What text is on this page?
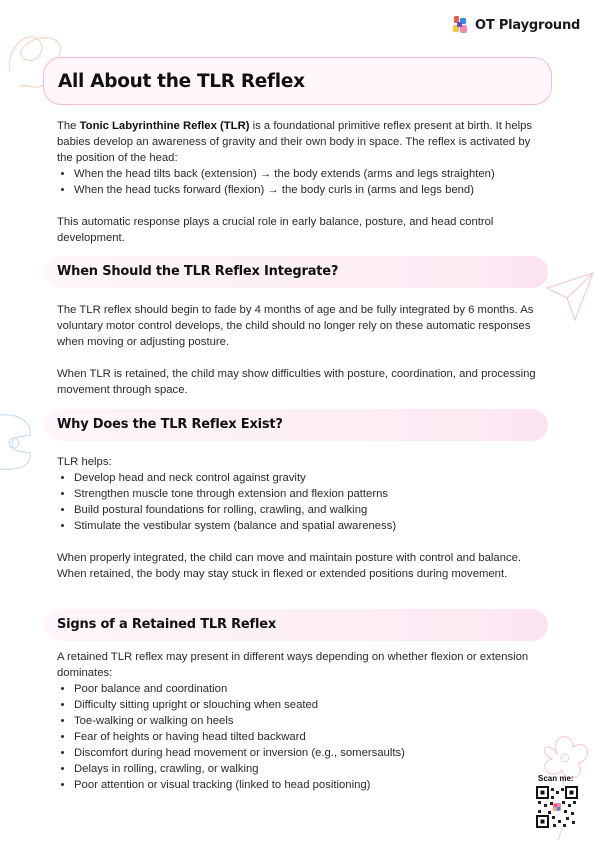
OT Playground
All About the TLR Reflex

The Tonic Labyrinthine Reflex (TLR) is a foundational primitive reflex present at birth. It helps babies develop an awareness of gravity and their own body in space. The reflex is activated by the position of the head:

• When the head tilts back (extension) → the body extends (arms and legs straighten)
• When the head tucks forward (flexion) → the body curls in (arms and legs bend)

This automatic response plays a crucial role in early balance, posture, and head control development.

When Should the TLR Reflex Integrate?

The TLR reflex should begin to fade by 4 months of age and be fully integrated by 6 months. As voluntary motor control develops, the child should no longer rely on these automatic responses when moving or adjusting posture.

When TLR is retained, the child may show difficulties with posture, coordination, and processing movement through space.

Why Does the TLR Reflex Exist?

TLR helps:

• Develop head and neck control against gravity
• Strengthen muscle tone through extension and flexion patterns
• Build postural foundations for rolling, crawling, and walking
• Stimulate the vestibular system (balance and spatial awareness)

When properly integrated, the child can move and maintain posture with control and balance. When retained, the body may stay stuck in flexed or extended positions during movement.

Signs of a Retained TLR Reflex

A retained TLR reflex may present in different ways depending on whether flexion or extension dominates:

• Poor balance and coordination
• Difficulty sitting upright or slouching when seated
• Toe-walking or walking on heels
• Fear of heights or having head tilted backward
• Discomfort during head movement or inversion (e.g., somersaults)
• Delays in rolling, crawling, or walking
• Poor attention or visual tracking (linked to head positioning)
Scan me:
